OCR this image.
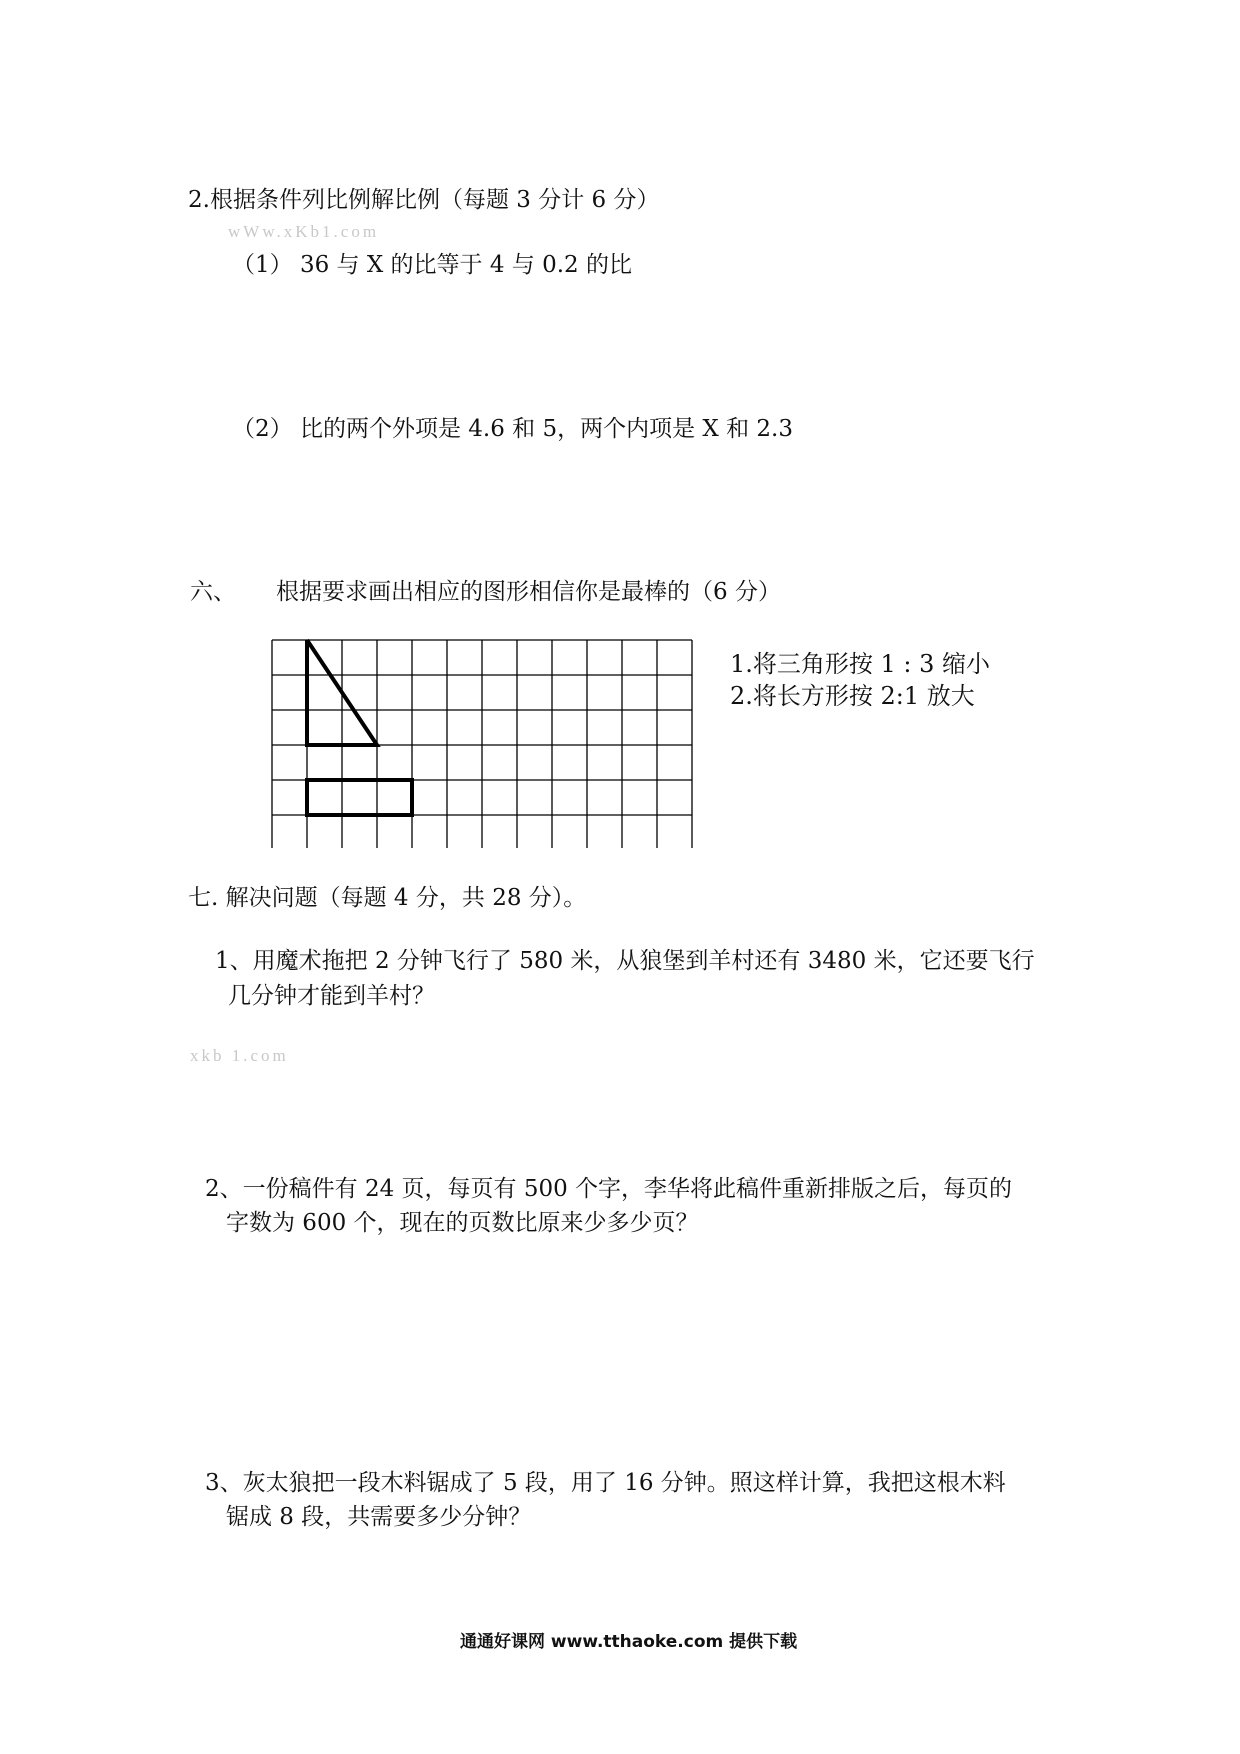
2.根据条件列比例解比例（每题 3 分计 6 分）
wWw.xKb1.com
（1） 36 与 X 的比等于 4 与 0.2 的比
（2） 比的两个外项是 4.6 和 5，两个内项是 X 和 2.3
六、 根据要求画出相应的图形相信你是最棒的（6 分）
1.将三角形按 1 : 3 缩小
2.将长方形按 2:1 放大
七. 解决问题（每题 4 分，共 28 分）。
1、用魔术拖把 2 分钟飞行了 580 米，从狼堡到羊村还有 3480 米，它还要飞行
几分钟才能到羊村？
xkb 1.com
2、一份稿件有 24 页，每页有 500 个字，李华将此稿件重新排版之后，每页的
字数为 600 个，现在的页数比原来少多少页？
3、灰太狼把一段木料锯成了 5 段，用了 16 分钟。照这样计算，我把这根木料
锯成 8 段，共需要多少分钟？
通通好课网 www.tthaoke.com 提供下载
